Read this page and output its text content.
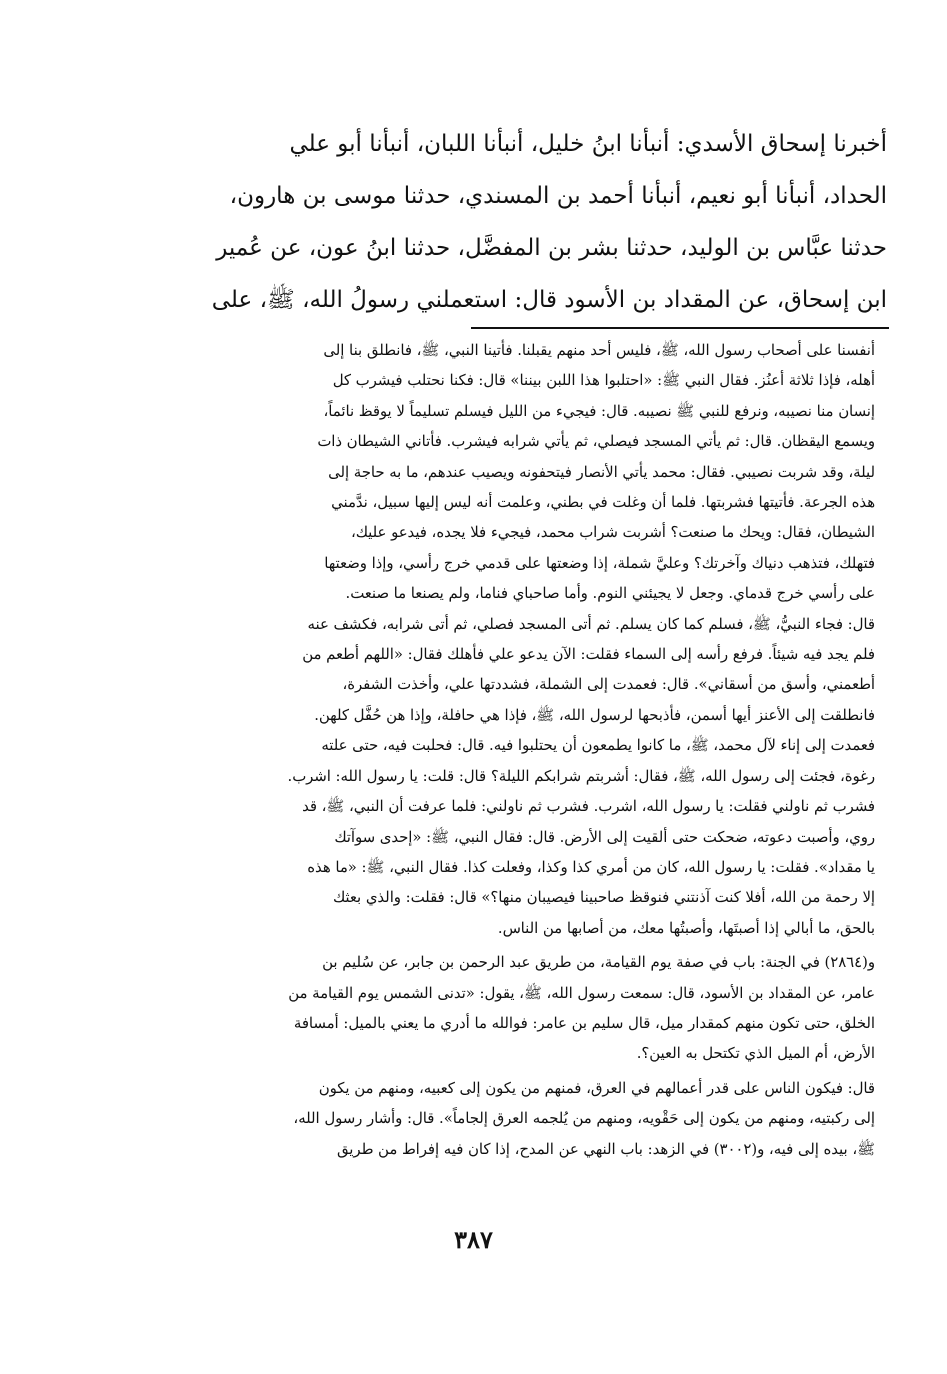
أخبرنا إسحاق الأسدي: أنبأنا ابنُ خليل، أنبأنا اللبان، أنبأنا أبو علي
الحداد، أنبأنا أبو نعيم، أنبأنا أحمد بن المسندي، حدثنا موسى بن هارون،
حدثنا عبَّاس بن الوليد، حدثنا بشر بن المفضَّل، حدثنا ابنُ عون، عن عُمير
ابن إسحاق، عن المقداد بن الأسود قال: استعملني رسولُ الله، ﷺ، على
أنفسنا على أصحاب رسول الله، ﷺ، فليس أحد منهم يقبلنا. فأتينا النبي، ﷺ، فانطلق بنا إلى
أهله، فإذا ثلاثة أعنُز. فقال النبي ﷺ: «احتلبوا هذا اللبن بيننا» قال: فكنا نحتلب فيشرب كل
إنسان منا نصيبه، ونرفع للنبي ﷺ نصيبه. قال: فيجيء من الليل فيسلم تسليماً لا يوقظ نائماً،
ويسمع اليقظان. قال: ثم يأتي المسجد فيصلي، ثم يأتي شرابه فيشرب. فأتاني الشيطان ذات
ليلة، وقد شربت نصيبي. فقال: محمد يأتي الأنصار فيتحفونه ويصيب عندهم، ما به حاجة إلى
هذه الجرعة. فأتيتها فشربتها. فلما أن وغلت في بطني، وعلمت أنه ليس إليها سبيل، ندَّمني
الشيطان، فقال: ويحك ما صنعت؟ أشربت شراب محمد، فيجيء فلا يجده، فيدعو عليك،
فتهلك، فتذهب دنياك وآخرتك؟ وعليَّ شملة، إذا وضعتها على قدمي خرج رأسي، وإذا وضعتها
على رأسي خرج قدماي. وجعل لا يجيئني النوم. وأما صاحباي فناما، ولم يصنعا ما صنعت.
قال: فجاء النبيُّ، ﷺ، فسلم كما كان يسلم. ثم أتى المسجد فصلي، ثم أتى شرابه، فكشف عنه
فلم يجد فيه شيئاً. فرفع رأسه إلى السماء فقلت: الآن يدعو علي فأهلك فقال: «اللهم أطعم من
أطعمني، وأسق من أسقاني». قال: فعمدت إلى الشملة، فشددتها علي، وأخذت الشفرة،
فانطلقت إلى الأعنز أيها أسمن، فأذبحها لرسول الله، ﷺ، فإذا هي حافلة، وإذا هن حُفَّل كلهن.
فعمدت إلى إناء لآل محمد، ﷺ، ما كانوا يطمعون أن يحتلبوا فيه. قال: فحلبت فيه، حتى علته
رغوة، فجئت إلى رسول الله، ﷺ، فقال: أشربتم شرابكم الليلة؟ قال: قلت: يا رسول الله: اشرب.
فشرب ثم ناولني فقلت: يا رسول الله، اشرب. فشرب ثم ناولني: فلما عرفت أن النبي، ﷺ، قد
روي، وأصبت دعوته، ضحكت حتى ألقيت إلى الأرض. قال: فقال النبي، ﷺ: «إحدى سوآتك
يا مقداد». فقلت: يا رسول الله، كان من أمري كذا وكذا، وفعلت كذا. فقال النبي، ﷺ: «ما هذه
إلا رحمة من الله، أفلا كنت آذنتني فنوقظ صاحبينا فيصيبان منها؟» قال: فقلت: والذي بعثك
بالحق، ما أبالي إذا أصبتَها، وأصبتُها معك، من أصابها من الناس.
و(٢٨٦٤) في الجنة: باب في صفة يوم القيامة، من طريق عبد الرحمن بن جابر، عن سُليم بن
عامر، عن المقداد بن الأسود، قال: سمعت رسول الله، ﷺ، يقول: «تدنى الشمس يوم القيامة من
الخلق، حتى تكون منهم كمقدار ميل، قال سليم بن عامر: فوالله ما أدري ما يعني بالميل: أمسافة
الأرض، أم الميل الذي تكتحل به العين؟.
قال: فيكون الناس على قدر أعمالهم في العرق، فمنهم من يكون إلى كعبيه، ومنهم من يكون
إلى ركبتيه، ومنهم من يكون إلى حَقْويه، ومنهم من يُلجمه العرق إلجاماً». قال: وأشار رسول الله،
ﷺ، بيده إلى فيه، و(٣٠٠٢) في الزهد: باب النهي عن المدح، إذا كان فيه إفراط من طريق
٣٨٧
